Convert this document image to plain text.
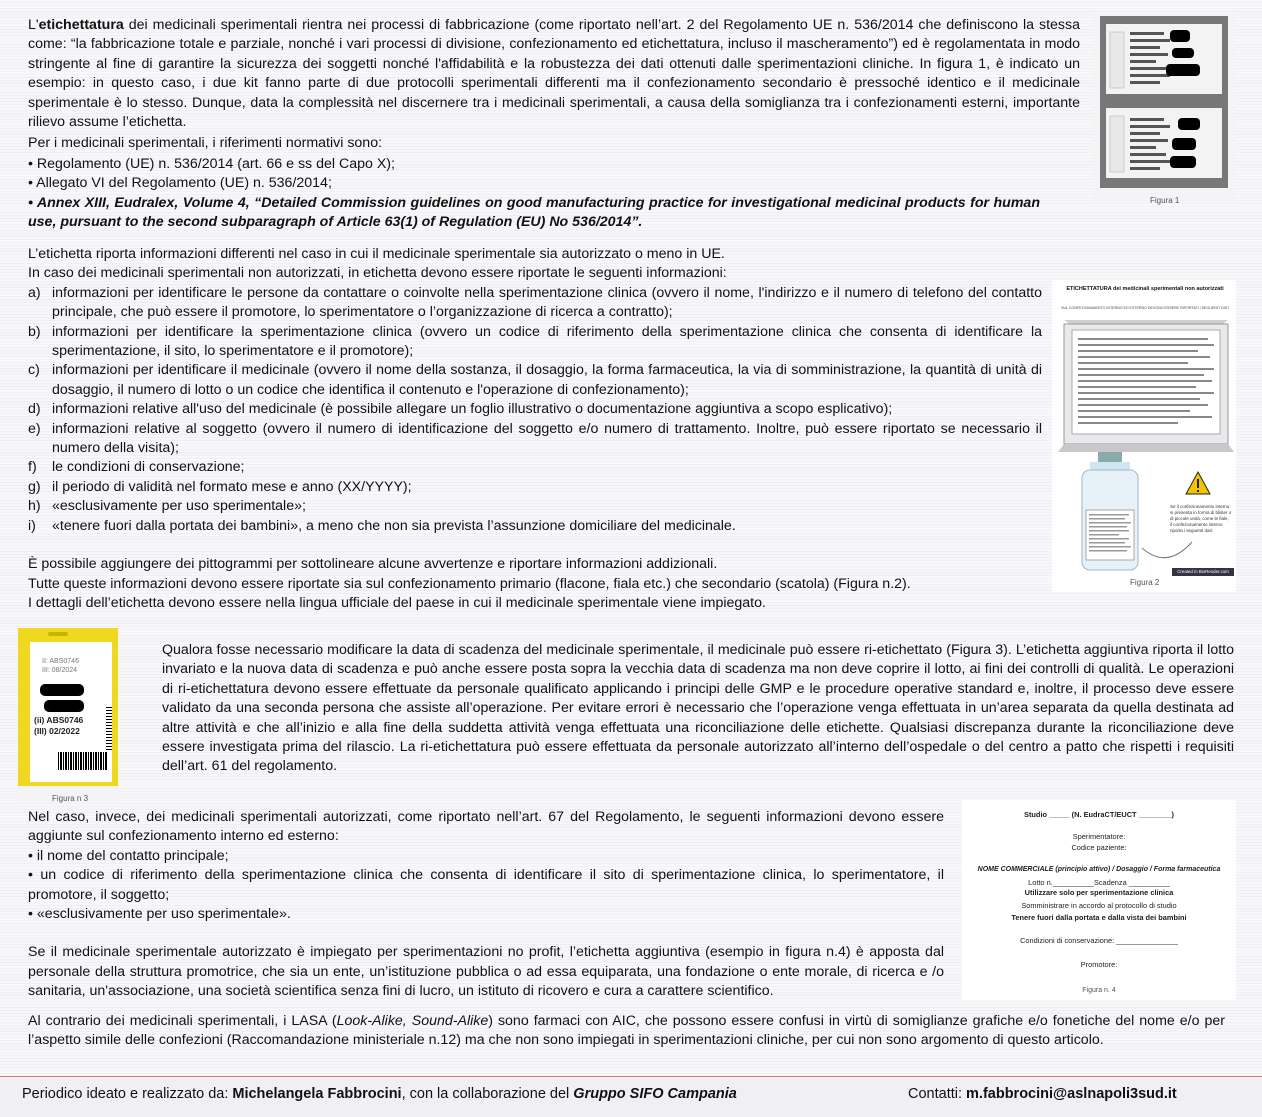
L'etichettatura dei medicinali sperimentali rientra nei processi di fabbricazione (come riportato nell’art. 2 del Regolamento UE n. 536/2014 che definiscono la stessa come: “la fabbricazione totale e parziale, nonché i vari processi di divisione, confezionamento ed etichettatura, incluso il mascheramento”) ed è regolamentata in modo stringente al fine di garantire la sicurezza dei soggetti nonché l'affidabilità e la robustezza dei dati ottenuti dalle sperimentazioni cliniche. In figura 1, è indicato un esempio: in questo caso, i due kit fanno parte di due protocolli sperimentali differenti ma il confezionamento secondario è pressoché identico e il medicinale sperimentale è lo stesso. Dunque, data la complessità nel discernere tra i medicinali sperimentali, a causa della somiglianza tra i confezionamenti esterni, importante rilievo assume l’etichetta.

Per i medicinali sperimentali, i riferimenti normativi sono:

• Regolamento (UE) n. 536/2014 (art. 66 e ss del Capo X);

• Allegato VI del Regolamento (UE) n. 536/2014;

• Annex XIII, Eudralex, Volume 4, “Detailed Commission guidelines on good manufacturing practice for investigational medicinal products for human use, pursuant to the second subparagraph of Article 63(1) of Regulation (EU) No 536/2014”.

Figura 1

L’etichetta riporta informazioni differenti nel caso in cui il medicinale sperimentale sia autorizzato o meno in UE.

In caso dei medicinali sperimentali non autorizzati, in etichetta devono essere riportate le seguenti informazioni:

a) informazioni per identificare le persone da contattare o coinvolte nella sperimentazione clinica (ovvero il nome, l'indirizzo e il numero di telefono del contatto principale, che può essere il promotore, lo sperimentatore o l’organizzazione di ricerca a contratto);
b) informazioni per identificare la sperimentazione clinica (ovvero un codice di riferimento della sperimentazione clinica che consenta di identificare la sperimentazione, il sito, lo sperimentatore e il promotore);
c) informazioni per identificare il medicinale (ovvero il nome della sostanza, il dosaggio, la forma farmaceutica, la via di somministrazione, la quantità di unità di dosaggio, il numero di lotto o un codice che identifica il contenuto e l'operazione di confezionamento);
d) informazioni relative all'uso del medicinale (è possibile allegare un foglio illustrativo o documentazione aggiuntiva a scopo esplicativo);
e) informazioni relative al soggetto (ovvero il numero di identificazione del soggetto e/o numero di trattamento. Inoltre, può essere riportato se necessario il numero della visita);
f) le condizioni di conservazione;
g) il periodo di validità nel formato mese e anno (XX/YYYY);
h) «esclusivamente per uso sperimentale»;
i) «tenere fuori dalla portata dei bambini», a meno che non sia prevista l’assunzione domiciliare del medicinale.

È possibile aggiungere dei pittogrammi per sottolineare alcune avvertenze e riportare informazioni addizionali.

Tutte queste informazioni devono essere riportate sia sul confezionamento primario (flacone, fiala etc.) che secondario (scatola) (Figura n.2).

I dettagli dell’etichetta devono essere nella lingua ufficiale del paese in cui il medicinale sperimentale viene impiegato.

ETICHETTATURA dei medicinali sperimentali non autorizzati
SUL CONFEZIONAMENTO INTERNO ED ESTERNO DEVONO ESSERE RIPORTATI I SEGUENTI DATI
Se il confezionamento interno si presenta in forma di blister o di piccole unità, come le fiale, il confezionamento interno riporta i seguenti dati:
Created in BioRender.com
Figura 2
II: ABS0746
III: 08/2024
(ii) ABS0746
(III) 02/2022
Figura n 3

Qualora fosse necessario modificare la data di scadenza del medicinale sperimentale, il medicinale può essere ri-etichettato (Figura 3). L’etichetta aggiuntiva riporta il lotto invariato e la nuova data di scadenza e può anche essere posta sopra la vecchia data di scadenza ma non deve coprire il lotto, ai fini dei controlli di qualità. Le operazioni di ri-etichettatura devono essere effettuate da personale qualificato applicando i principi delle GMP e le procedure operative standard e, inoltre, il processo deve essere validato da una seconda persona che assiste all’operazione. Per evitare errori è necessario che l’operazione venga effettuata in un’area separata da quella destinata ad altre attività e che all’inizio e alla fine della suddetta attività venga effettuata una riconciliazione delle etichette. Qualsiasi discrepanza durante la riconciliazione deve essere investigata prima del rilascio. La ri-etichettatura può essere effettuata da personale autorizzato all’interno dell’ospedale o del centro a patto che rispetti i requisiti dell’art. 61 del regolamento.

Nel caso, invece, dei medicinali sperimentali autorizzati, come riportato nell’art. 67 del Regolamento, le seguenti informazioni devono essere aggiunte sul confezionamento interno ed esterno:

• il nome del contatto principale;

• un codice di riferimento della sperimentazione clinica che consenta di identificare il sito di sperimentazione clinica, lo sperimentatore, il promotore, il soggetto;

• «esclusivamente per uso sperimentale».

Se il medicinale sperimentale autorizzato è impiegato per sperimentazioni no profit, l’etichetta aggiuntiva (esempio in figura n.4) è apposta dal personale della struttura promotrice, che sia un ente, un’istituzione pubblica o ad essa equiparata, una fondazione o ente morale, di ricerca e /o sanitaria, un'associazione, una società scientifica senza fini di lucro, un istituto di ricovero e cura a carattere scientifico.

Studio _____ (N. EudraCT/EUCT ________)
Sperimentatore:
Codice paziente:
NOME COMMERCIALE (principio attivo) / Dosaggio / Forma farmaceutica
Lotto n.__________Scadenza __________
Utilizzare solo per sperimentazione clinica
Somministrare in accordo al protocollo di studio
Tenere fuori dalla portata e dalla vista dei bambini
Condizioni di conservazione: _______________
Promotore:
Figura n. 4

Al contrario dei medicinali sperimentali, i LASA (Look-Alike, Sound-Alike) sono farmaci con AIC, che possono essere confusi in virtù di somiglianze grafiche e/o fonetiche del nome e/o per l’aspetto simile delle confezioni (Raccomandazione ministeriale n.12) ma che non sono impiegati in sperimentazioni cliniche, per cui non sono argomento di questo articolo.

Periodico ideato e realizzato da: Michelangela Fabbrocini, con la collaborazione del Gruppo SIFO Campania	Contatti: m.fabbrocini@aslnapoli3sud.it
